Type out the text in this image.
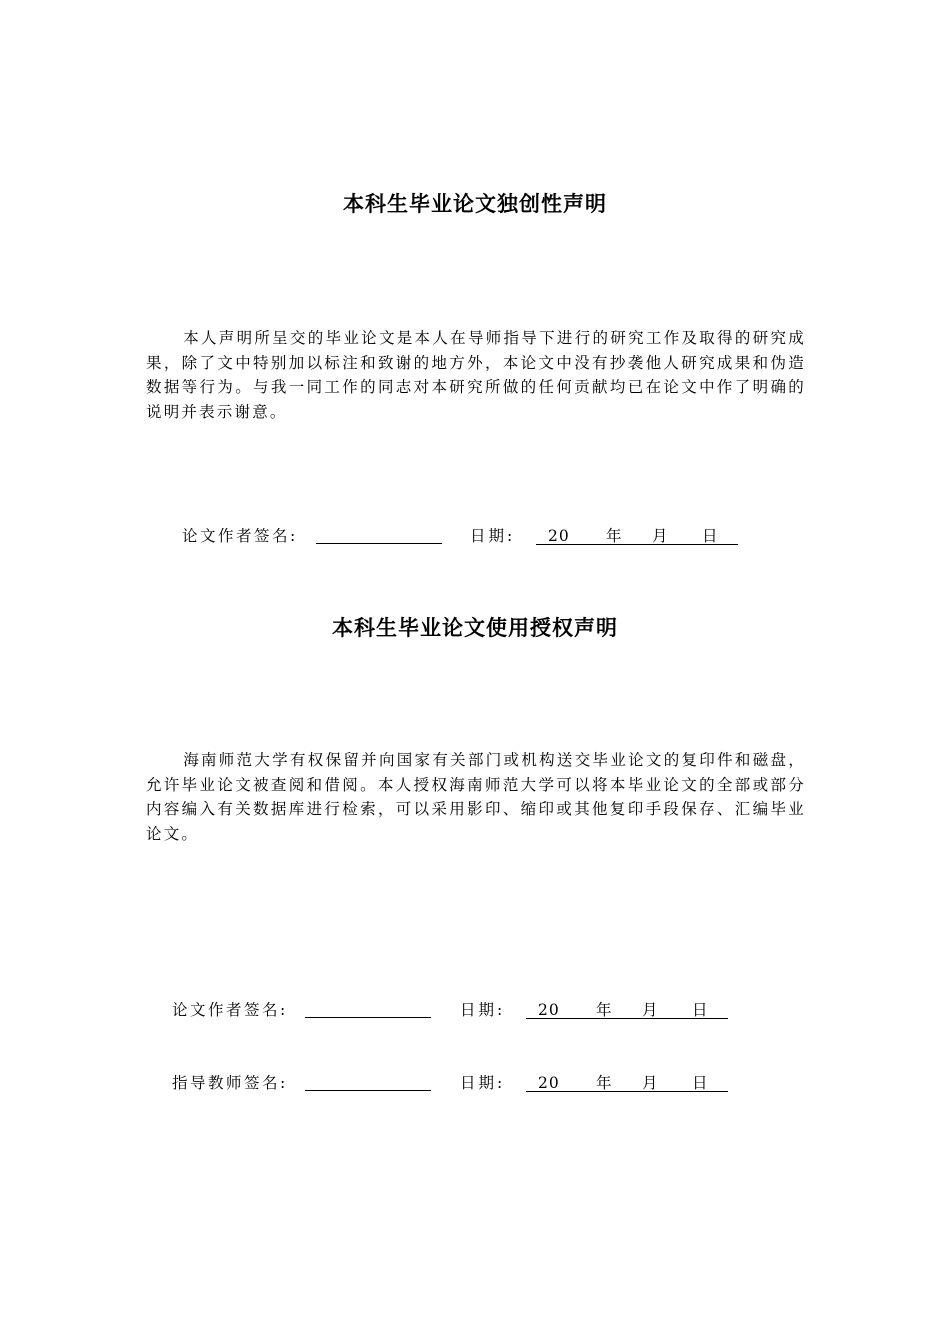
本科生毕业论文独创性声明

本人声明所呈交的毕业论文是本人在导师指导下进行的研究工作及取得的研究成果，除了文中特别加以标注和致谢的地方外，本论文中没有抄袭他人研究成果和伪造数据等行为。与我一同工作的同志对本研究所做的任何贡献均已在论文中作了明确的说明并表示谢意。

论文作者签名:	日期: 20 年 月 日
本科生毕业论文使用授权声明

海南师范大学有权保留并向国家有关部门或机构送交毕业论文的复印件和磁盘，允许毕业论文被查阅和借阅。本人授权海南师范大学可以将本毕业论文的全部或部分内容编入有关数据库进行检索，可以采用影印、缩印或其他复印手段保存、汇编毕业论文。

论文作者签名:	日期: 20 年 月 日
指导教师签名:	日期: 20 年 月 日
